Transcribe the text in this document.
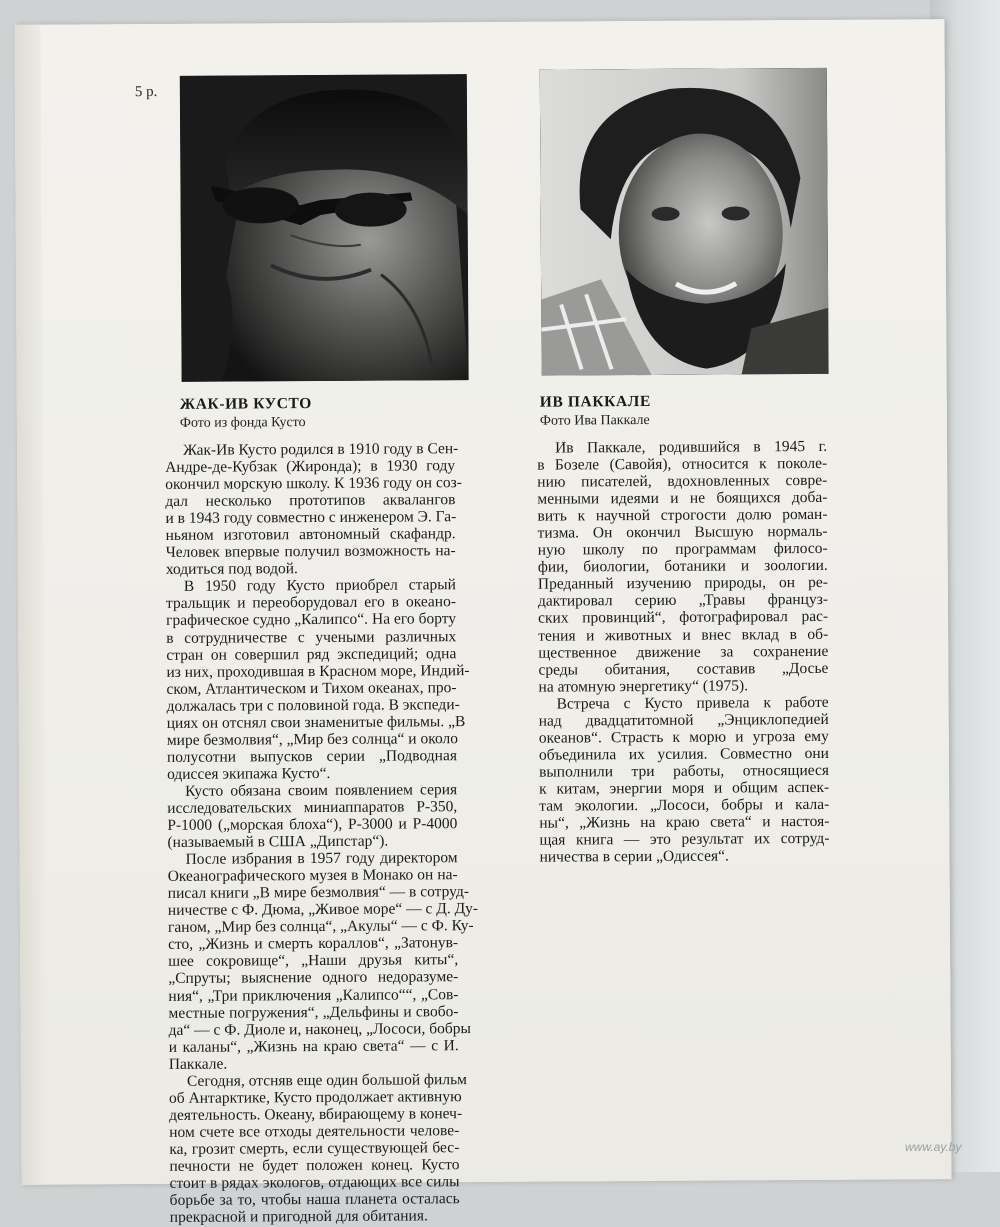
5 р.
ЖАК-ИВ КУСТО
Фото из фонда Кусто
ИВ ПАККАЛЕ
Фото Ива Паккале
Жак-Ив Кусто родился в 1910 году в Сен-
Андре-де-Кубзак (Жиронда); в 1930 году
окончил морскую школу. К 1936 году он соз-
дал несколько прототипов аквалангов
и в 1943 году совместно с инженером Э. Га-
ньяном изготовил автономный скафандр.
Человек впервые получил возможность на-
ходиться под водой.
В 1950 году Кусто приобрел старый
тральщик и переоборудовал его в океано-
графическое судно „Калипсо“. На его борту
в сотрудничестве с учеными различных
стран он совершил ряд экспедиций; одна
из них, проходившая в Красном море, Индий-
ском, Атлантическом и Тихом океанах, про-
должалась три с половиной года. В экспеди-
циях он отснял свои знаменитые фильмы. „В
мире безмолвия“, „Мир без солнца“ и около
полусотни выпусков серии „Подводная
одиссея экипажа Кусто“.
Кусто обязана своим появлением серия
исследовательских миниаппаратов Р-350,
Р-1000 („морская блоха“), Р-3000 и Р-4000
(называемый в США „Дипстар“).
После избрания в 1957 году директором
Океанографического музея в Монако он на-
писал книги „В мире безмолвия“ — в сотруд-
ничестве с Ф. Дюма, „Живое море“ — с Д. Ду-
ганом, „Мир без солнца“, „Акулы“ — с Ф. Ку-
сто, „Жизнь и смерть кораллов“, „Затонув-
шее сокровище“, „Наши друзья киты“,
„Спруты; выяснение одного недоразуме-
ния“, „Три приключения „Калипсо““, „Сов-
местные погружения“, „Дельфины и свобо-
да“ — с Ф. Диоле и, наконец, „Лососи, бобры
и каланы“, „Жизнь на краю света“ — с И.
Паккале.
Сегодня, отсняв еще один большой фильм
об Антарктике, Кусто продолжает активную
деятельность. Океану, вбирающему в конеч-
ном счете все отходы деятельности челове-
ка, грозит смерть, если существующей бес-
печности не будет положен конец. Кусто
стоит в рядах экологов, отдающих все силы
борьбе за то, чтобы наша планета осталась
прекрасной и пригодной для обитания.
Ив Паккале, родившийся в 1945 г.
в Бозеле (Савойя), относится к поколе-
нию писателей, вдохновленных совре-
менными идеями и не боящихся доба-
вить к научной строгости долю роман-
тизма. Он окончил Высшую нормаль-
ную школу по программам филосо-
фии, биологии, ботаники и зоологии.
Преданный изучению природы, он ре-
дактировал серию „Травы француз-
ских провинций“, фотографировал рас-
тения и животных и внес вклад в об-
щественное движение за сохранение
среды обитания, составив „Досье
на атомную энергетику“ (1975).
Встреча с Кусто привела к работе
над двадцатитомной „Энциклопедией
океанов“. Страсть к морю и угроза ему
объединила их усилия. Совместно они
выполнили три работы, относящиеся
к китам, энергии моря и общим аспек-
там экологии. „Лососи, бобры и кала-
ны“, „Жизнь на краю света“ и настоя-
щая книга — это результат их сотруд-
ничества в серии „Одиссея“.
www.ay.by
